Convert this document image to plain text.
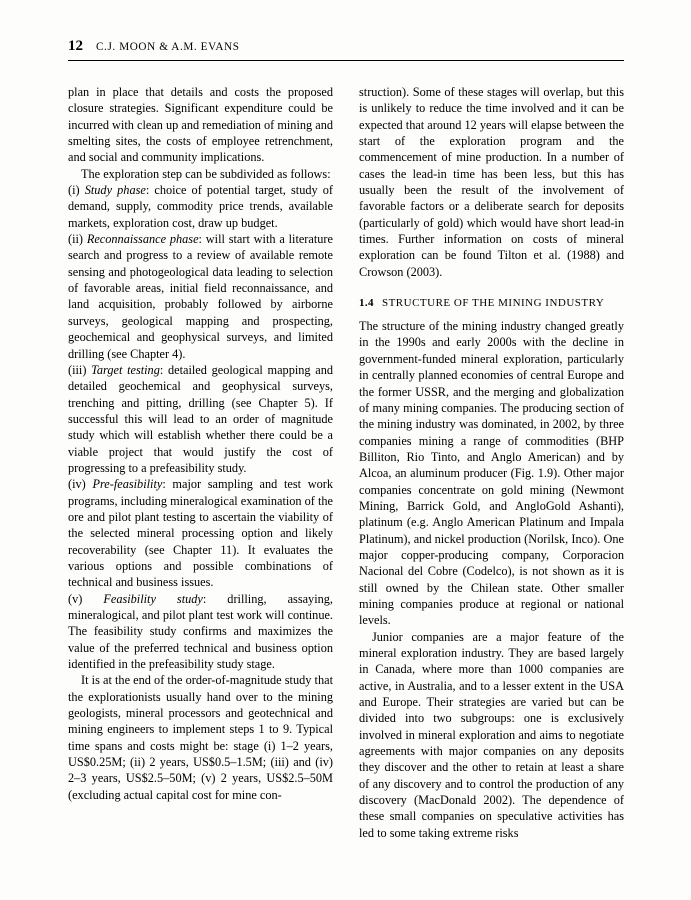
12 C.J. MOON & A.M. EVANS

plan in place that details and costs the proposed closure strategies. Significant expenditure could be incurred with clean up and remediation of mining and smelting sites, the costs of employee retrenchment, and social and community implications.

The exploration step can be subdivided as follows:

(i) Study phase: choice of potential target, study of demand, supply, commodity price trends, available markets, exploration cost, draw up budget.

(ii) Reconnaissance phase: will start with a literature search and progress to a review of available remote sensing and photogeological data leading to selection of favorable areas, initial field reconnaissance, and land acquisition, probably followed by airborne surveys, geological mapping and prospecting, geochemical and geophysical surveys, and limited drilling (see Chapter 4).

(iii) Target testing: detailed geological mapping and detailed geochemical and geophysical surveys, trenching and pitting, drilling (see Chapter 5). If successful this will lead to an order of magnitude study which will establish whether there could be a viable project that would justify the cost of progressing to a prefeasibility study.

(iv) Pre-feasibility: major sampling and test work programs, including mineralogical examination of the ore and pilot plant testing to ascertain the viability of the selected mineral processing option and likely recoverability (see Chapter 11). It evaluates the various options and possible combinations of technical and business issues.

(v) Feasibility study: drilling, assaying, mineralogical, and pilot plant test work will continue. The feasibility study confirms and maximizes the value of the preferred technical and business option identified in the prefeasibility study stage.

It is at the end of the order-of-magnitude study that the explorationists usually hand over to the mining geologists, mineral processors and geotechnical and mining engineers to implement steps 1 to 9. Typical time spans and costs might be: stage (i) 1–2 years, US$0.25M; (ii) 2 years, US$0.5–1.5M; (iii) and (iv) 2–3 years, US$2.5–50M; (v) 2 years, US$2.5–50M (excluding actual capital cost for mine con-

struction). Some of these stages will overlap, but this is unlikely to reduce the time involved and it can be expected that around 12 years will elapse between the start of the exploration program and the commencement of mine production. In a number of cases the lead-in time has been less, but this has usually been the result of the involvement of favorable factors or a deliberate search for deposits (particularly of gold) which would have short lead-in times. Further information on costs of mineral exploration can be found Tilton et al. (1988) and Crowson (2003).

1.4 STRUCTURE OF THE MINING INDUSTRY

The structure of the mining industry changed greatly in the 1990s and early 2000s with the decline in government-funded mineral exploration, particularly in centrally planned economies of central Europe and the former USSR, and the merging and globalization of many mining companies. The producing section of the mining industry was dominated, in 2002, by three companies mining a range of commodities (BHP Billiton, Rio Tinto, and Anglo American) and by Alcoa, an aluminum producer (Fig. 1.9). Other major companies concentrate on gold mining (Newmont Mining, Barrick Gold, and AngloGold Ashanti), platinum (e.g. Anglo American Platinum and Impala Platinum), and nickel production (Norilsk, Inco). One major copper-producing company, Corporacion Nacional del Cobre (Codelco), is not shown as it is still owned by the Chilean state. Other smaller mining companies produce at regional or national levels.

Junior companies are a major feature of the mineral exploration industry. They are based largely in Canada, where more than 1000 companies are active, in Australia, and to a lesser extent in the USA and Europe. Their strategies are varied but can be divided into two subgroups: one is exclusively involved in mineral exploration and aims to negotiate agreements with major companies on any deposits they discover and the other to retain at least a share of any discovery and to control the production of any discovery (MacDonald 2002). The dependence of these small companies on speculative activities has led to some taking extreme risks
